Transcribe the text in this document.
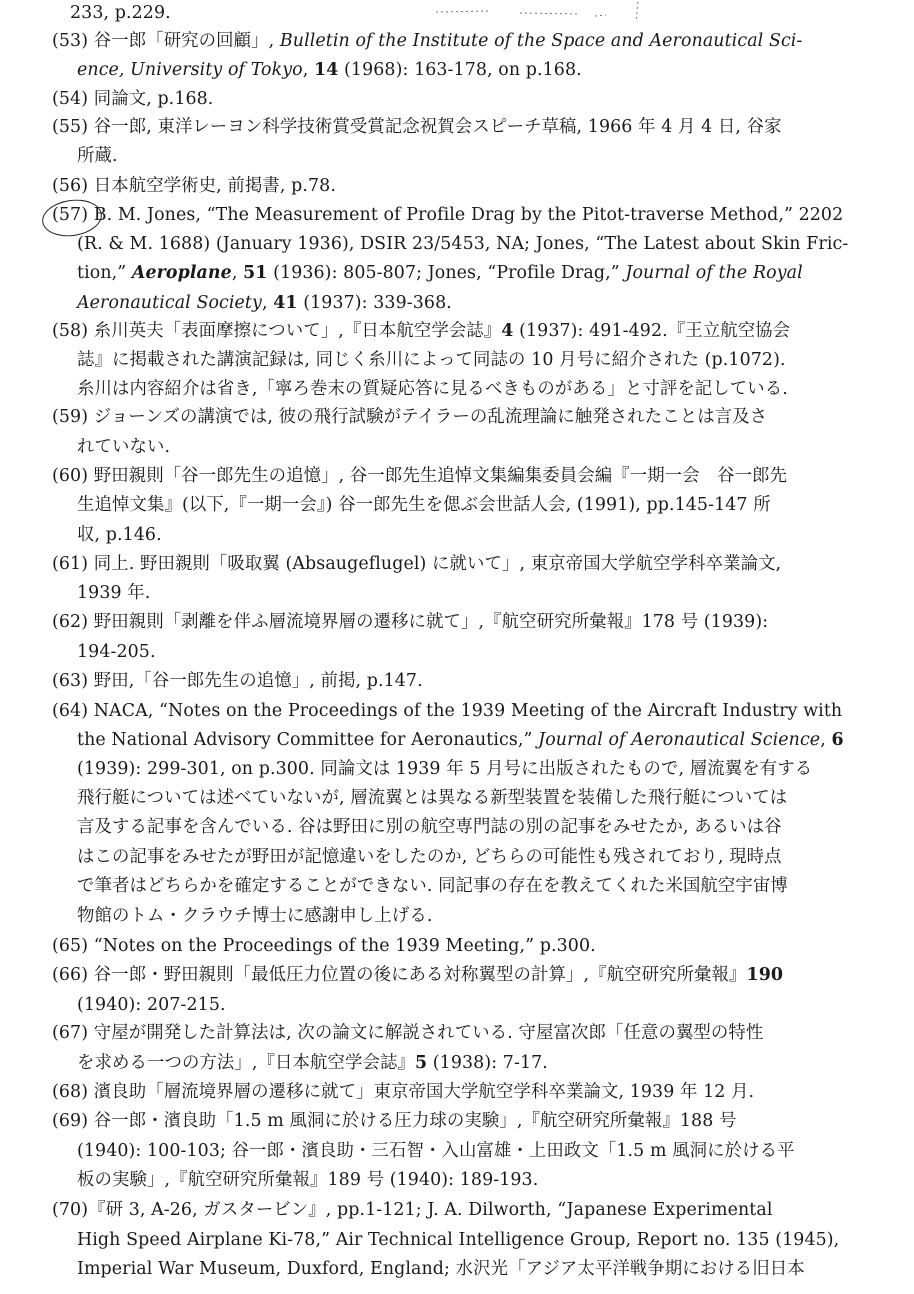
233, p.229.
(53) 谷一郎「研究の回顧」, Bulletin of the Institute of the Space and Aeronautical Sci-
ence, University of Tokyo, 14 (1968): 163-178, on p.168.
(54) 同論文, p.168.
(55) 谷一郎, 東洋レーヨン科学技術賞受賞記念祝賀会スピーチ草稿, 1966 年 4 月 4 日, 谷家
所蔵.
(56) 日本航空学術史, 前掲書, p.78.
(57) B. M. Jones, “The Measurement of Profile Drag by the Pitot-traverse Method,” 2202
(R. & M. 1688) (January 1936), DSIR 23/5453, NA; Jones, “The Latest about Skin Fric-
tion,” Aeroplane, 51 (1936): 805-807; Jones, “Profile Drag,” Journal of the Royal
Aeronautical Society, 41 (1937): 339-368.
(58) 糸川英夫「表面摩擦について」,『日本航空学会誌』4 (1937): 491-492.『王立航空協会
誌』に掲載された講演記録は, 同じく糸川によって同誌の 10 月号に紹介された (p.1072).
糸川は内容紹介は省き,「寧ろ巻末の質疑応答に見るべきものがある」と寸評を記している.
(59) ジョーンズの講演では, 彼の飛行試験がテイラーの乱流理論に触発されたことは言及さ
れていない.
(60) 野田親則「谷一郎先生の追憶」, 谷一郎先生追悼文集編集委員会編『一期一会　谷一郎先
生追悼文集』(以下,『一期一会』) 谷一郎先生を偲ぶ会世話人会, (1991), pp.145-147 所
収, p.146.
(61) 同上. 野田親則「吸取翼 (Absaugeflugel) に就いて」, 東京帝国大学航空学科卒業論文,
1939 年.
(62) 野田親則「剥離を伴ふ層流境界層の遷移に就て」,『航空研究所彙報』178 号 (1939):
194-205.
(63) 野田,「谷一郎先生の追憶」, 前掲, p.147.
(64) NACA, “Notes on the Proceedings of the 1939 Meeting of the Aircraft Industry with
the National Advisory Committee for Aeronautics,” Journal of Aeronautical Science, 6
(1939): 299-301, on p.300. 同論文は 1939 年 5 月号に出版されたもので, 層流翼を有する
飛行艇については述べていないが, 層流翼とは異なる新型装置を装備した飛行艇については
言及する記事を含んでいる. 谷は野田に別の航空専門誌の別の記事をみせたか, あるいは谷
はこの記事をみせたが野田が記憶違いをしたのか, どちらの可能性も残されており, 現時点
で筆者はどちらかを確定することができない. 同記事の存在を教えてくれた米国航空宇宙博
物館のトム・クラウチ博士に感謝申し上げる.
(65) “Notes on the Proceedings of the 1939 Meeting,” p.300.
(66) 谷一郎・野田親則「最低圧力位置の後にある対称翼型の計算」,『航空研究所彙報』190
(1940): 207-215.
(67) 守屋が開発した計算法は, 次の論文に解説されている. 守屋富次郎「任意の翼型の特性
を求める一つの方法」,『日本航空学会誌』5 (1938): 7-17.
(68) 濱良助「層流境界層の遷移に就て」東京帝国大学航空学科卒業論文, 1939 年 12 月.
(69) 谷一郎・濱良助「1.5 m 風洞に於ける圧力球の実験」,『航空研究所彙報』188 号
(1940): 100-103; 谷一郎・濱良助・三石智・入山富雄・上田政文「1.5 m 風洞に於ける平
板の実験」,『航空研究所彙報』189 号 (1940): 189-193.
(70)『研 3, A-26, ガスタービン』, pp.1-121; J. A. Dilworth, “Japanese Experimental
High Speed Airplane Ki-78,” Air Technical Intelligence Group, Report no. 135 (1945),
Imperial War Museum, Duxford, England; 水沢光「アジア太平洋戦争期における旧日本
